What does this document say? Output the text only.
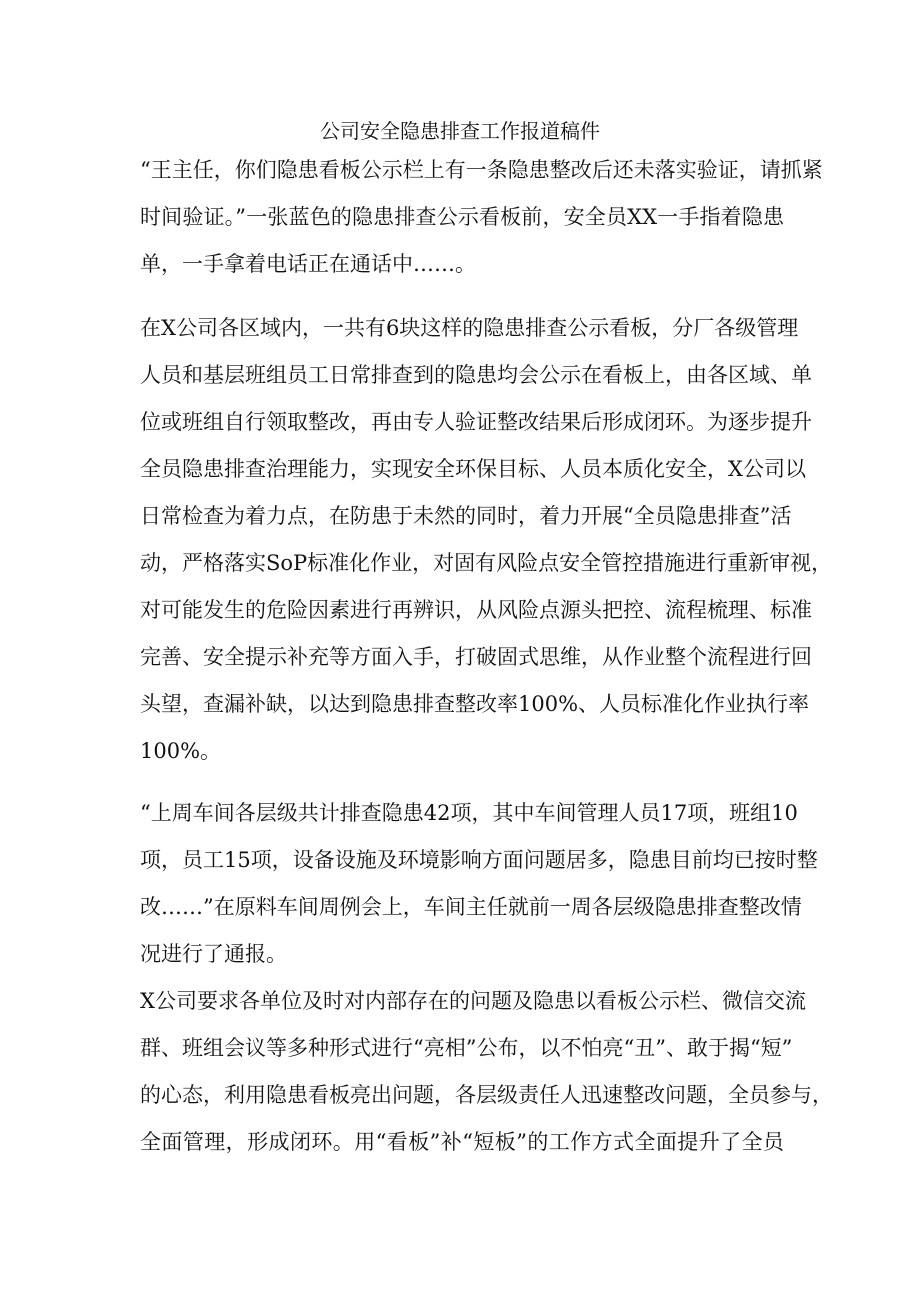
公司安全隐患排查工作报道稿件
“王主任，你们隐患看板公示栏上有一条隐患整改后还未落实验证，请抓紧
时间验证。”一张蓝色的隐患排查公示看板前，安全员XX一手指着隐患
单，一手拿着电话正在通话中……。
在X公司各区域内，一共有6块这样的隐患排查公示看板，分厂各级管理
人员和基层班组员工日常排查到的隐患均会公示在看板上，由各区域、单
位或班组自行领取整改，再由专人验证整改结果后形成闭环。为逐步提升
全员隐患排查治理能力，实现安全环保目标、人员本质化安全，X公司以
日常检查为着力点，在防患于未然的同时，着力开展“全员隐患排查”活
动，严格落实SoP标准化作业，对固有风险点安全管控措施进行重新审视，
对可能发生的危险因素进行再辨识，从风险点源头把控、流程梳理、标准
完善、安全提示补充等方面入手，打破固式思维，从作业整个流程进行回
头望，查漏补缺，以达到隐患排查整改率100%、人员标准化作业执行率
100%。
“上周车间各层级共计排查隐患42项，其中车间管理人员17项，班组10
项，员工15项，设备设施及环境影响方面问题居多，隐患目前均已按时整
改……”在原料车间周例会上，车间主任就前一周各层级隐患排查整改情
况进行了通报。
X公司要求各单位及时对内部存在的问题及隐患以看板公示栏、微信交流
群、班组会议等多种形式进行“亮相”公布，以不怕亮“丑”、敢于揭“短”
的心态，利用隐患看板亮出问题，各层级责任人迅速整改问题，全员参与，
全面管理，形成闭环。用“看板”补“短板”的工作方式全面提升了全员
